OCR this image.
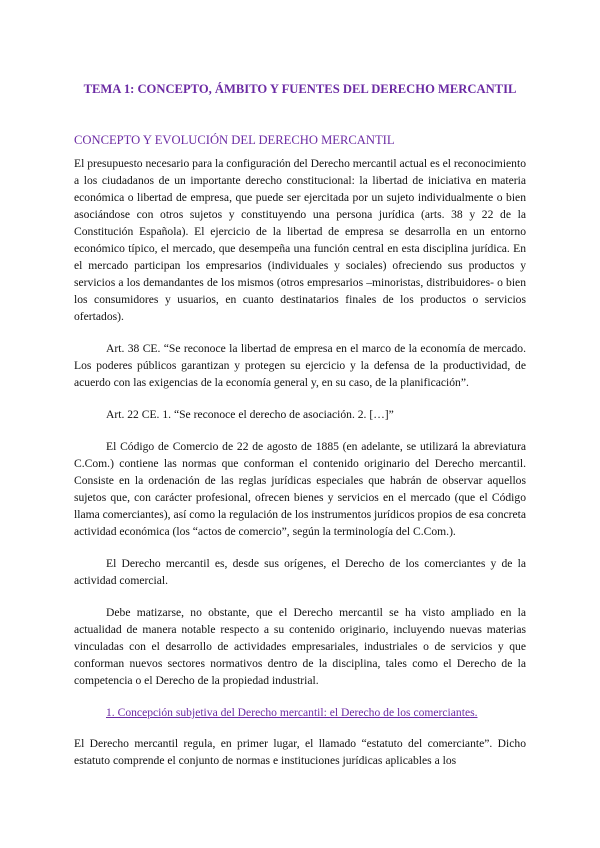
TEMA 1: CONCEPTO, ÁMBITO Y FUENTES DEL DERECHO MERCANTIL
CONCEPTO Y EVOLUCIÓN DEL DERECHO MERCANTIL

El presupuesto necesario para la configuración del Derecho mercantil actual es el reconocimiento a los ciudadanos de un importante derecho constitucional: la libertad de iniciativa en materia económica o libertad de empresa, que puede ser ejercitada por un sujeto individualmente o bien asociándose con otros sujetos y constituyendo una persona jurídica (arts. 38 y 22 de la Constitución Española). El ejercicio de la libertad de empresa se desarrolla en un entorno económico típico, el mercado, que desempeña una función central en esta disciplina jurídica. En el mercado participan los empresarios (individuales y sociales) ofreciendo sus productos y servicios a los demandantes de los mismos (otros empresarios –minoristas, distribuidores- o bien los consumidores y usuarios, en cuanto destinatarios finales de los productos o servicios ofertados).

Art. 38 CE. “Se reconoce la libertad de empresa en el marco de la economía de mercado. Los poderes públicos garantizan y protegen su ejercicio y la defensa de la productividad, de acuerdo con las exigencias de la economía general y, en su caso, de la planificación”.

Art. 22 CE. 1. “Se reconoce el derecho de asociación. 2. […]”

El Código de Comercio de 22 de agosto de 1885 (en adelante, se utilizará la abreviatura C.Com.) contiene las normas que conforman el contenido originario del Derecho mercantil. Consiste en la ordenación de las reglas jurídicas especiales que habrán de observar aquellos sujetos que, con carácter profesional, ofrecen bienes y servicios en el mercado (que el Código llama comerciantes), así como la regulación de los instrumentos jurídicos propios de esa concreta actividad económica (los “actos de comercio”, según la terminología del C.Com.).

El Derecho mercantil es, desde sus orígenes, el Derecho de los comerciantes y de la actividad comercial.

Debe matizarse, no obstante, que el Derecho mercantil se ha visto ampliado en la actualidad de manera notable respecto a su contenido originario, incluyendo nuevas materias vinculadas con el desarrollo de actividades empresariales, industriales o de servicios y que conforman nuevos sectores normativos dentro de la disciplina, tales como el Derecho de la competencia o el Derecho de la propiedad industrial.

1. Concepción subjetiva del Derecho mercantil: el Derecho de los comerciantes.

El Derecho mercantil regula, en primer lugar, el llamado “estatuto del comerciante”. Dicho estatuto comprende el conjunto de normas e instituciones jurídicas aplicables a los
